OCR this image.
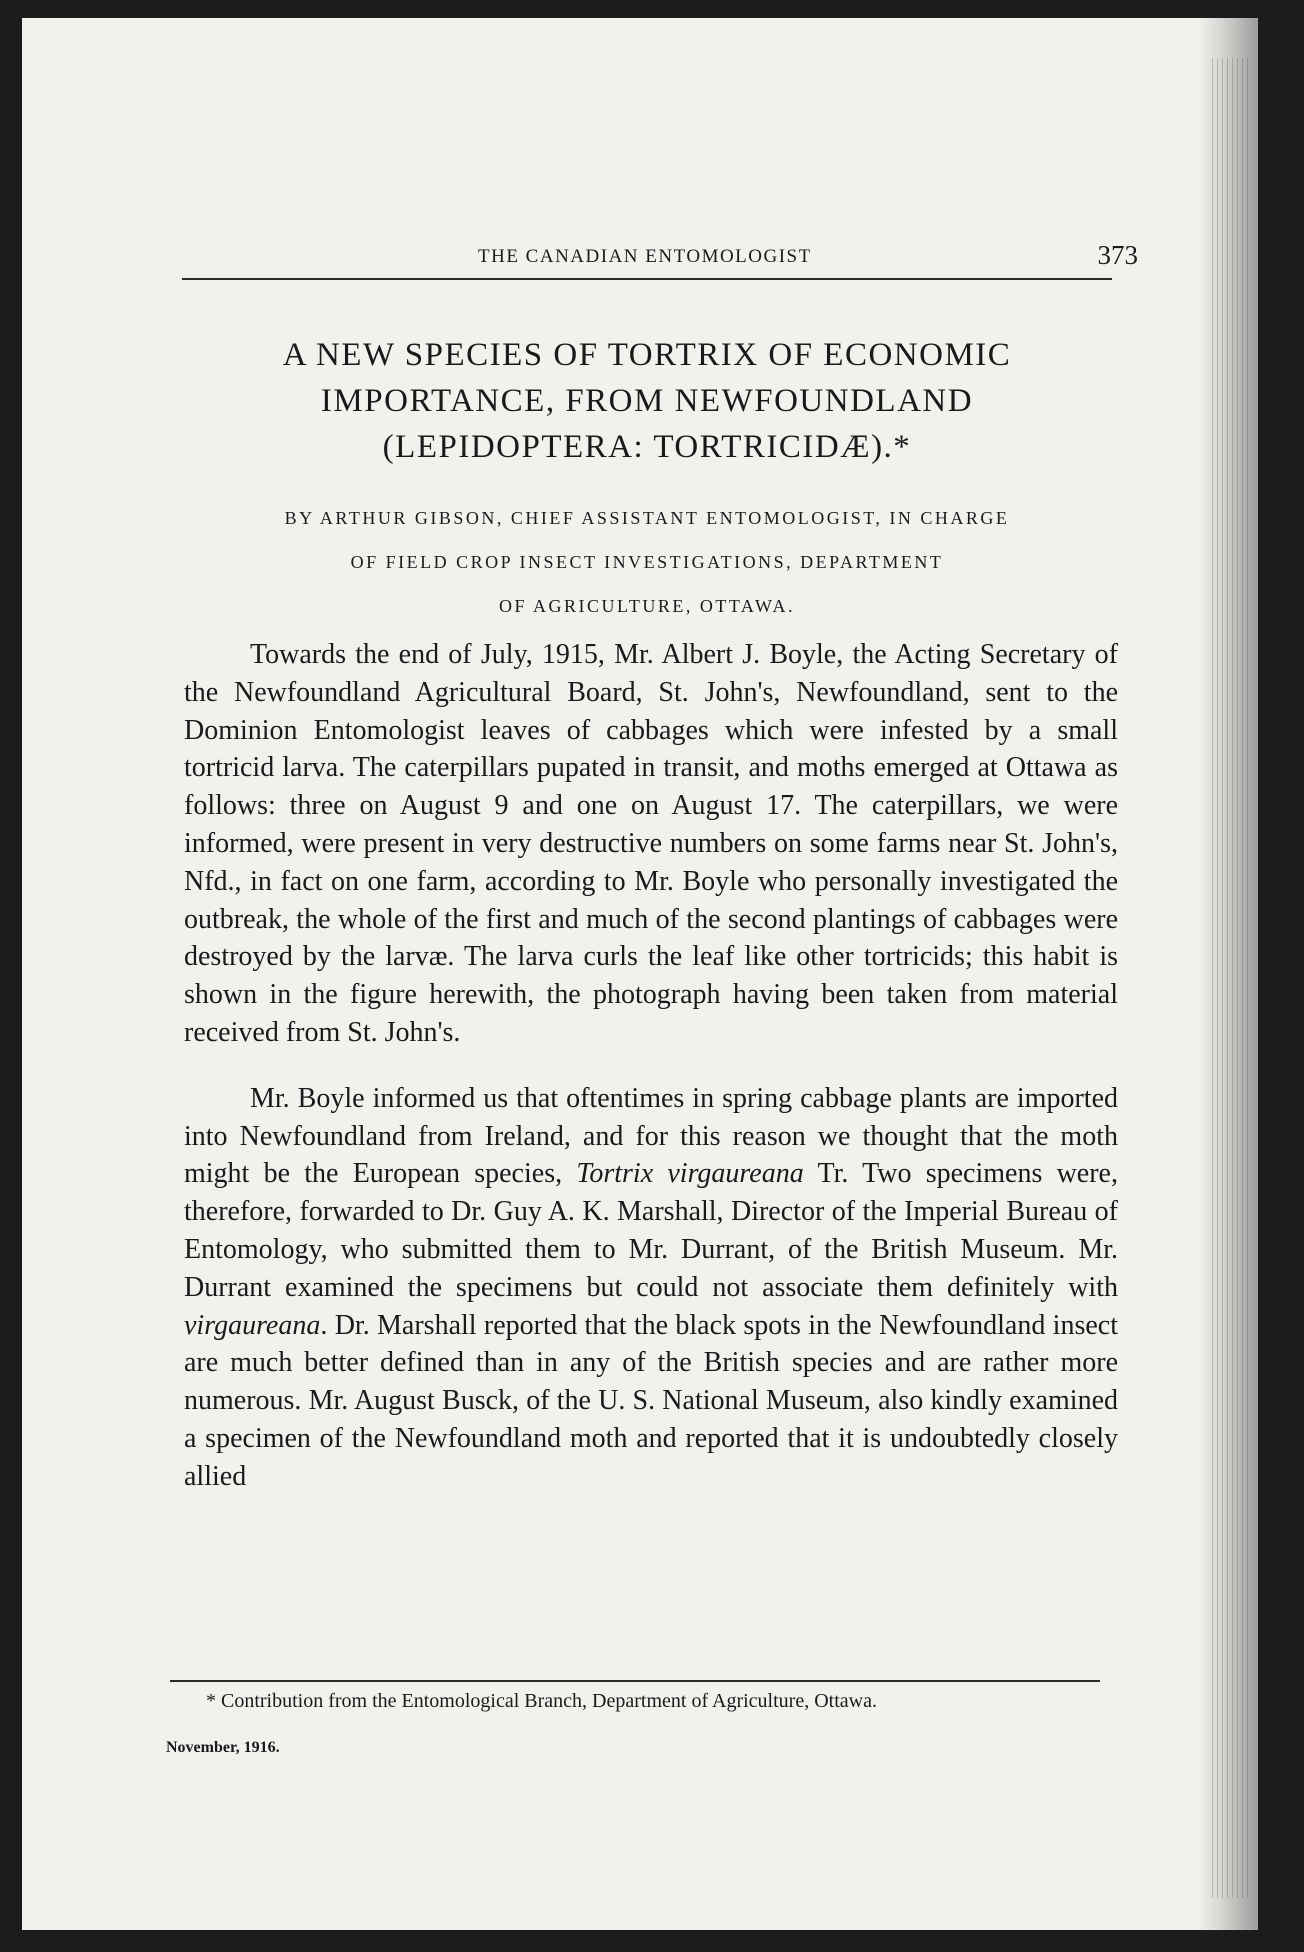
THE CANADIAN ENTOMOLOGIST	373
A NEW SPECIES OF TORTRIX OF ECONOMIC
IMPORTANCE, FROM NEWFOUNDLAND
(LEPIDOPTERA: TORTRICIDÆ).*
BY ARTHUR GIBSON, CHIEF ASSISTANT ENTOMOLOGIST, IN CHARGE
OF FIELD CROP INSECT INVESTIGATIONS, DEPARTMENT
OF AGRICULTURE, OTTAWA.

Towards the end of July, 1915, Mr. Albert J. Boyle, the Acting Secretary of the Newfoundland Agricultural Board, St. John's, Newfoundland, sent to the Dominion Entomologist leaves of cabbages which were infested by a small tortricid larva. The caterpillars pupated in transit, and moths emerged at Ottawa as follows: three on August 9 and one on August 17. The caterpillars, we were informed, were present in very destructive numbers on some farms near St. John's, Nfd., in fact on one farm, according to Mr. Boyle who personally investigated the outbreak, the whole of the first and much of the second plantings of cabbages were destroyed by the larvæ. The larva curls the leaf like other tortricids; this habit is shown in the figure herewith, the photograph having been taken from material received from St. John's.

Mr. Boyle informed us that oftentimes in spring cabbage plants are imported into Newfoundland from Ireland, and for this reason we thought that the moth might be the European species, Tortrix virgaureana Tr. Two specimens were, therefore, forwarded to Dr. Guy A. K. Marshall, Director of the Imperial Bureau of Entomology, who submitted them to Mr. Durrant, of the British Museum. Mr. Durrant examined the specimens but could not associate them definitely with virgaureana. Dr. Marshall reported that the black spots in the Newfoundland insect are much better defined than in any of the British species and are rather more numerous. Mr. August Busck, of the U. S. National Museum, also kindly examined a specimen of the Newfoundland moth and reported that it is undoubtedly closely allied

* Contribution from the Entomological Branch, Department of Agriculture, Ottawa.
November, 1916.
